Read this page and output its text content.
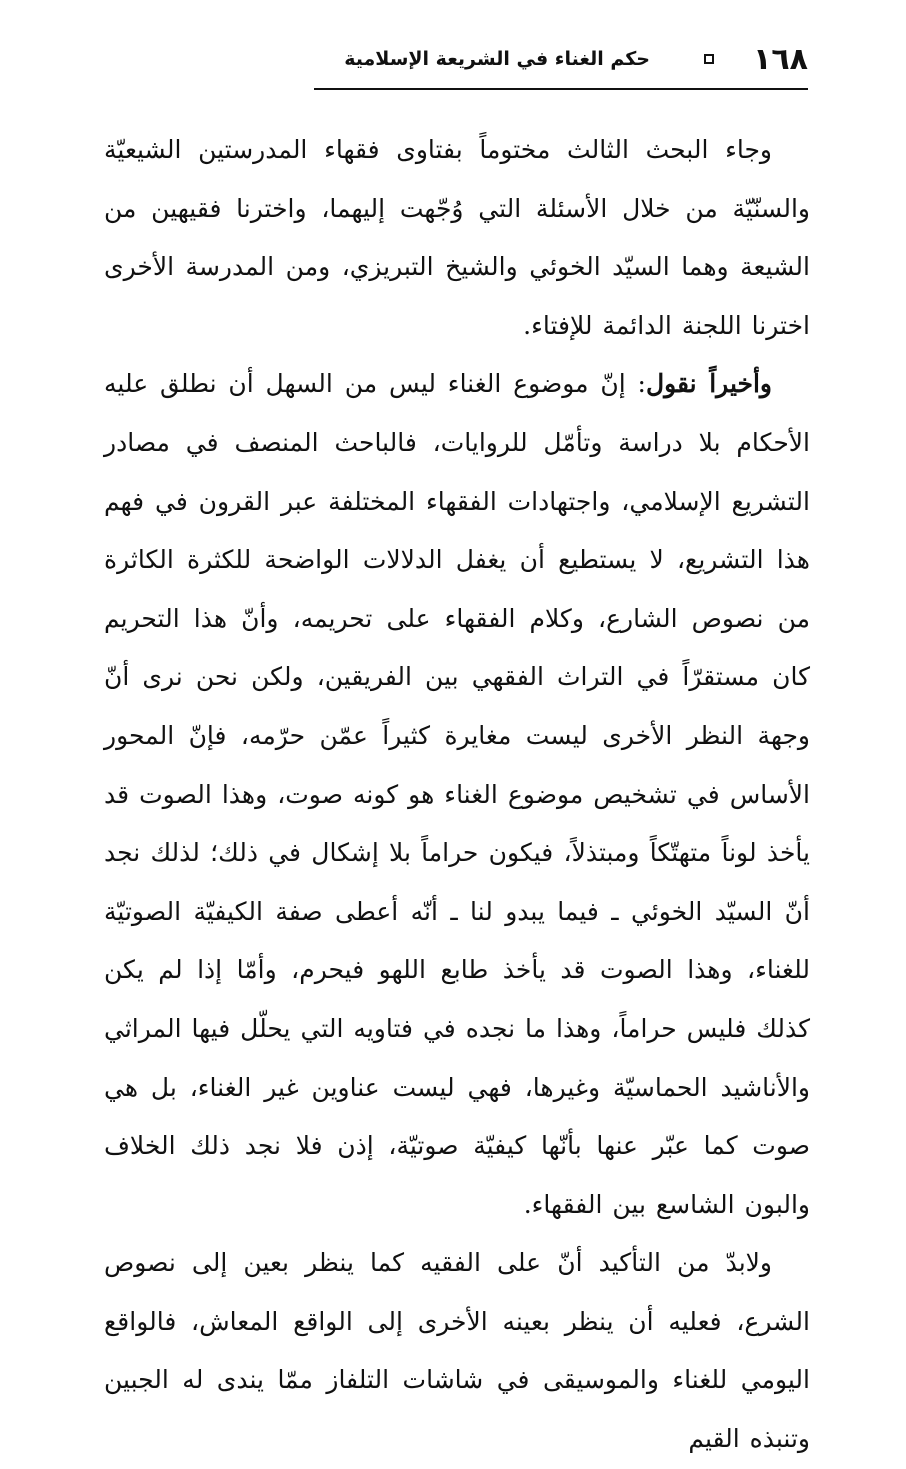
١٦٨
حكم الغناء في الشريعة الإسلامية

وجاء البحث الثالث مختوماً بفتاوى فقهاء المدرستين الشيعيّة والسنّيّة من خلال الأسئلة التي وُجّهت إليهما، واخترنا فقيهين من الشيعة وهما السيّد الخوئي والشيخ التبريزي، ومن المدرسة الأخرى اخترنا اللجنة الدائمة للإفتاء.

وأخيراً نقول: إنّ موضوع الغناء ليس من السهل أن نطلق عليه الأحكام بلا دراسة وتأمّل للروايات، فالباحث المنصف في مصادر التشريع الإسلامي، واجتهادات الفقهاء المختلفة عبر القرون في فهم هذا التشريع، لا يستطيع أن يغفل الدلالات الواضحة للكثرة الكاثرة من نصوص الشارع، وكلام الفقهاء على تحريمه، وأنّ هذا التحريم كان مستقرّاً في التراث الفقهي بين الفريقين، ولكن نحن نرى أنّ وجهة النظر الأخرى ليست مغايرة كثيراً عمّن حرّمه، فإنّ المحور الأساس في تشخيص موضوع الغناء هو كونه صوت، وهذا الصوت قد يأخذ لوناً متهتّكاً ومبتذلاً، فيكون حراماً بلا إشكال في ذلك؛ لذلك نجد أنّ السيّد الخوئي ـ فيما يبدو لنا ـ أنّه أعطى صفة الكيفيّة الصوتيّة للغناء، وهذا الصوت قد يأخذ طابع اللهو فيحرم، وأمّا إذا لم يكن كذلك فليس حراماً، وهذا ما نجده في فتاويه التي يحلّل فيها المراثي والأناشيد الحماسيّة وغيرها، فهي ليست عناوين غير الغناء، بل هي صوت كما عبّر عنها بأنّها كيفيّة صوتيّة، إذن فلا نجد ذلك الخلاف والبون الشاسع بين الفقهاء.

ولابدّ من التأكيد أنّ على الفقيه كما ينظر بعين إلى نصوص الشرع، فعليه أن ينظر بعينه الأخرى إلى الواقع المعاش، فالواقع اليومي للغناء والموسيقى في شاشات التلفاز ممّا يندى له الجبين وتنبذه القيم
